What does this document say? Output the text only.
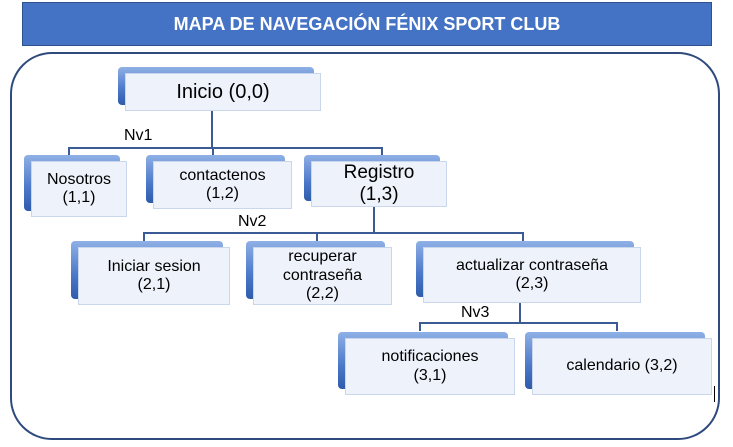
MAPA DE NAVEGACIÓN FÉNIX SPORT CLUB
Nv1
Nv2
Nv3
Inicio (0,0)
Nosotros
(1,1)
contactenos
(1,2)
Registro
(1,3)
Iniciar sesion
(2,1)
recuperar contraseña
(2,2)
actualizar contraseña
(2,3)
notificaciones
(3,1)
calendario (3,2)
